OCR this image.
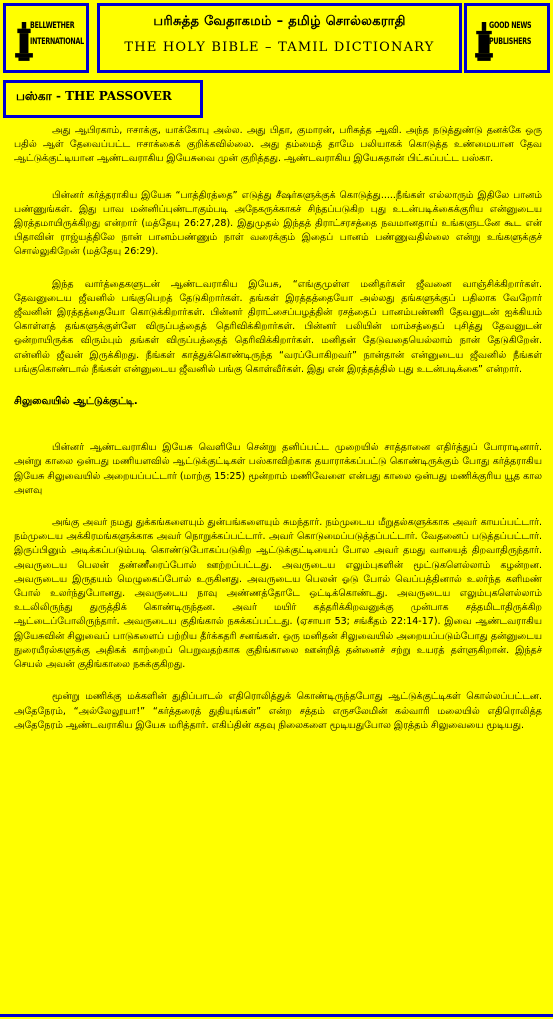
BELLWETHER
INTERNATIONAL
பரிசுத்த வேதாகமம் – தமிழ் சொல்லகராதி
THE HOLY BIBLE – TAMIL DICTIONARY
GOOD NEWS
PUBLISHERS
பஸ்கா - THE PASSOVER

அது ஆபிரகாம், ஈசாக்கு, யாக்கோபு அல்ல. அது பிதா, குமாரன், பரிசுத்த ஆவி. அந்த நடுத்துண்டு தனக்கே ஒரு பதில் ஆள் தேவைப்பட்ட ஈசாக்கைக் குறிக்கவில்லை. அது தம்மைத் தாமே பலியாகக் கொடுத்த உண்மையான தேவ ஆட்டுக்குட்டியான ஆண்டவராகிய இயேசுவை முன் குறித்தது. ஆண்டவராகிய இயேசுதான் பிட்கப்பட்ட பஸ்கா.

பின்னர் கர்த்தராகிய இயேசு “பாத்திரத்தை” எடுத்து சீஷர்களுக்குக் கொடுத்து.....நீங்கள் எல்லாரும் இதிலே பானம் பண்ணுங்கள். இது பாவ மன்னிப்புண்டாகும்படி அநேகருக்காகச் சிந்தப்படுகிற புது உடன்படிக்கைக்குரிய என்னுடைய இரத்தமாயிருக்கிறது என்றார் (மத்தேயு 26:27,28). இதுமுதல் இந்தத் திராட்சரசத்தை நவமானதாய் உங்களுடனே கூட என் பிதாவின் ராஜ்யத்திலே நான் பானம்பண்ணும் நாள் வரைக்கும் இதைப் பானம் பண்ணுவதில்லை என்று உங்களுக்குச் சொல்லுகிறேன் (மத்தேயு 26:29).

இந்த வார்த்தைகளுடன் ஆண்டவராகிய இயேசு, “எங்குமுள்ள மனிதர்கள் ஜீவனை வாஞ்சிக்கிறார்கள். தேவனுடைய ஜீவனில் பங்குபெறத் தேடுகிறார்கள். தங்கள் இரத்தத்தையோ அல்லது தங்களுக்குப் பதிலாக வேறோர் ஜீவனின் இரத்தத்தையோ கொடுக்கிறார்கள். பின்னர் திராட்சைப்பழத்தின் ரசத்தைப் பானம்பண்ணி தேவனுடன் ஐக்கியம் கொள்ளத் தங்களுக்குள்ளே விருப்பத்தைத் தெரிவிக்கிறார்கள். பின்னர் பலியின் மாம்சத்தைப் புசித்து தேவனுடன் ஒன்றாயிருக்க விரும்பும் தங்கள் விருப்பத்தைத் தெரிவிக்கிறார்கள். மனிதன் தேடுவதையெல்லாம் நான் தேடுகிறேன். என்னில் ஜீவன் இருக்கிறது. நீங்கள் காத்துக்கொண்டிருந்த “வரப்போகிறவர்” நான்தான் என்னுடைய ஜீவனில் நீங்கள் பங்குகொண்டால் நீங்கள் என்னுடைய ஜீவனில் பங்கு கொள்வீர்கள். இது என் இரத்தத்தில் புது உடன்படிக்கை” என்றார்.

சிலுவையில் ஆட்டுக்குட்டி.

பின்னர் ஆண்டவராகிய இயேசு வெளியே சென்று தனிப்பட்ட முறையில் சாத்தானை எதிர்த்துப் போராடினார். அன்று காலை ஒன்பது மணியளவில் ஆட்டுக்குட்டிகள் பஸ்காவிற்காக தயாராக்கப்பட்டு கொண்டிருக்கும் போது கர்த்தராகிய இயேசு சிலுவையில் அறையப்பட்டார் (மாற்கு 15:25) மூன்றாம் மணிவேளை என்பது காலை ஒன்பது மணிக்குரிய யூத கால அளவு

அங்கு அவர் நமது துக்கங்களையும் துன்பங்களையும் சுமந்தார். நம்முடைய மீறுதல்களுக்காக அவர் காயப்பட்டார். நம்முடைய அக்கிரமங்களுக்காக அவர் நொறுக்கப்பட்டார். அவர் கொடுமைப்படுத்தப்பட்டார். வேதனைப் படுத்தப்பட்டார். இருப்பினும் அடிக்கப்படும்படி கொண்டுபோகப்படுகிற ஆட்டுக்குட்டியைப் போல அவர் தமது வாயைத் திறவாதிருந்தார். அவருடைய பெலன் தண்ணீரைப்போல் ஊற்றப்பட்டது. அவருடைய எலும்புகளின் மூட்டுகளெல்லாம் கழன்றன. அவருடைய இருதயம் மெழுகைப்போல் உருகினது. அவருடைய பெலன் ஓடு போல் வெப்பத்தினால் உலர்ந்த களிமண் போல் உலர்ந்துபோனது. அவருடைய நாவு அண்ணத்தோடே ஒட்டிக்கொண்டது. அவருடைய எலும்புகளெல்லாம் உடலிலிருந்து துருத்திக் கொண்டிருந்தன. அவர் மயிர் கத்தரிக்கிறவனுக்கு முன்பாக சத்தமிடாதிருக்கிற ஆட்டைப்போலிருந்தார். அவருடைய குதிங்கால் நசுக்கப்பட்டது. (ஏசாயா 53; சங்கீதம் 22:14-17). இவை ஆண்டவராகிய இயேசுவின் சிலுவைப் பாடுகளைப் பற்றிய தீர்க்கதரி சனங்கள். ஒரு மனிதன் சிலுவையில் அறையப்படும்போது தன்னுடைய நுரையீரல்களுக்கு அதிகக் காற்றைப் பெறுவதற்காக குதிங்காலை ஊன்றித் தன்னைச் சற்று உயரத் தள்ளுகிறான். இந்தச் செயல் அவன் குதிங்காலை நசுக்குகிறது.

மூன்று மணிக்கு மக்களின் துதிப்பாடல் எதிரொலித்துக் கொண்டிருந்தபோது ஆட்டுக்குட்டிகள் கொல்லப்பட்டன. அதேநேரம், “அல்லேலூயா!” “கர்த்தரைத் துதியுங்கள்” என்ற சத்தம் எருசலேமின் கல்வாரி மலையில் எதிரொலித்த அதேநேரம் ஆண்டவராகிய இயேசு மரித்தார். எகிப்தின் கதவு நிலைகளை மூடியதுபோல இரத்தம் சிலுவையை மூடியது.
